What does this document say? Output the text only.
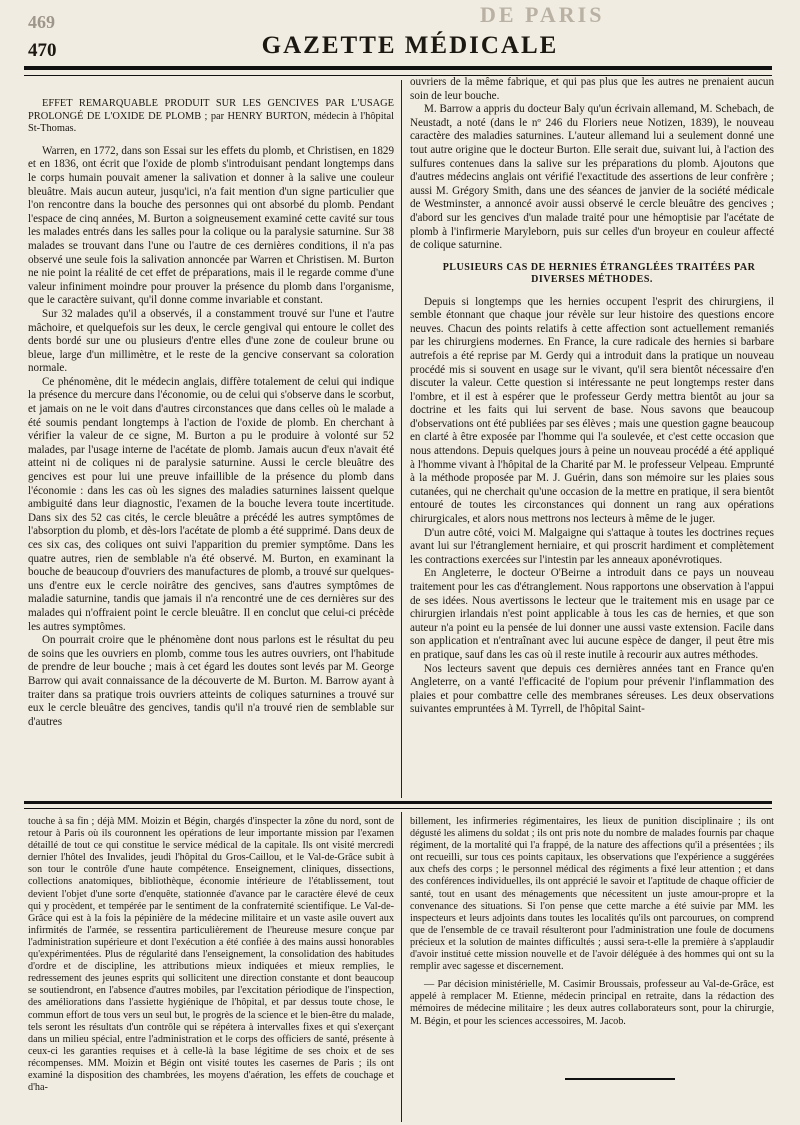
DE PARIS
469
470	GAZETTE MÉDICALE

EFFET REMARQUABLE PRODUIT SUR LES GENCIVES PAR L'USAGE PROLONGÉ DE L'OXIDE DE PLOMB ; par HENRY BURTON, médecin à l'hôpital St-Thomas.

Warren, en 1772, dans son Essai sur les effets du plomb, et Christisen, en 1829 et en 1836, ont écrit que l'oxide de plomb s'introduisant pendant longtemps dans le corps humain pouvait amener la salivation et donner à la salive une couleur bleuâtre. Mais aucun auteur, jusqu'ici, n'a fait mention d'un signe particulier que l'on rencontre dans la bouche des personnes qui ont absorbé du plomb. Pendant l'espace de cinq années, M. Burton a soigneusement examiné cette cavité sur tous les malades entrés dans les salles pour la colique ou la paralysie saturnine. Sur 38 malades se trouvant dans l'une ou l'autre de ces dernières conditions, il n'a pas observé une seule fois la salivation annoncée par Warren et Christisen. M. Burton ne nie point la réalité de cet effet de préparations, mais il le regarde comme d'une valeur infiniment moindre pour prouver la présence du plomb dans l'organisme, que le caractère suivant, qu'il donne comme invariable et constant.

Sur 32 malades qu'il a observés, il a constamment trouvé sur l'une et l'autre mâchoire, et quelquefois sur les deux, le cercle gengival qui entoure le collet des dents bordé sur une ou plusieurs d'entre elles d'une zone de couleur brune ou bleue, large d'un millimètre, et le reste de la gencive conservant sa coloration normale.

Ce phénomène, dit le médecin anglais, diffère totalement de celui qui indique la présence du mercure dans l'économie, ou de celui qui s'observe dans le scorbut, et jamais on ne le voit dans d'autres circonstances que dans celles où le malade a été soumis pendant longtemps à l'action de l'oxide de plomb. En cherchant à vérifier la valeur de ce signe, M. Burton a pu le produire à volonté sur 52 malades, par l'usage interne de l'acétate de plomb. Jamais aucun d'eux n'avait été atteint ni de coliques ni de paralysie saturnine. Aussi le cercle bleuâtre des gencives est pour lui une preuve infaillible de la présence du plomb dans l'économie : dans les cas où les signes des maladies saturnines laissent quelque ambiguité dans leur diagnostic, l'examen de la bouche levera toute incertitude. Dans six des 52 cas cités, le cercle bleuâtre a précédé les autres symptômes de l'absorption du plomb, et dès-lors l'acétate de plomb a été supprimé. Dans deux de ces six cas, des coliques ont suivi l'apparition du premier symptôme. Dans les quatre autres, rien de semblable n'a été observé. M. Burton, en examinant la bouche de beaucoup d'ouvriers des manufactures de plomb, a trouvé sur quelques-uns d'entre eux le cercle noirâtre des gencives, sans d'autres symptômes de maladie saturnine, tandis que jamais il n'a rencontré une de ces dernières sur des malades qui n'offraient point le cercle bleuâtre. Il en conclut que celui-ci précède les autres symptômes.

On pourrait croire que le phénomène dont nous parlons est le résultat du peu de soins que les ouvriers en plomb, comme tous les autres ouvriers, ont l'habitude de prendre de leur bouche ; mais à cet égard les doutes sont levés par M. George Barrow qui avait connaissance de la découverte de M. Burton. M. Barrow ayant à traiter dans sa pratique trois ouvriers atteints de coliques saturnines a trouvé sur eux le cercle bleuâtre des gencives, tandis qu'il n'a trouvé rien de semblable sur d'autres

ouvriers de la même fabrique, et qui pas plus que les autres ne prenaient aucun soin de leur bouche.

M. Barrow a appris du docteur Baly qu'un écrivain allemand, M. Schebach, de Neustadt, a noté (dans le nº 246 du Floriers neue Notizen, 1839), le nouveau caractère des maladies saturnines. L'auteur allemand lui a seulement donné une tout autre origine que le docteur Burton. Elle serait due, suivant lui, à l'action des sulfures contenues dans la salive sur les préparations du plomb. Ajoutons que d'autres médecins anglais ont vérifié l'exactitude des assertions de leur confrère ; aussi M. Grégory Smith, dans une des séances de janvier de la société médicale de Westminster, a annoncé avoir aussi observé le cercle bleuâtre des gencives ; d'abord sur les gencives d'un malade traité pour une hémoptisie par l'acétate de plomb à l'infirmerie Maryleborn, puis sur celles d'un broyeur en couleur affecté de colique saturnine.

PLUSIEURS CAS DE HERNIES ÉTRANGLÉES TRAITÉES PAR DIVERSES MÉTHODES.

Depuis si longtemps que les hernies occupent l'esprit des chirurgiens, il semble étonnant que chaque jour révèle sur leur histoire des questions encore neuves. Chacun des points relatifs à cette affection sont actuellement remaniés par les chirurgiens modernes. En France, la cure radicale des hernies si barbare autrefois a été reprise par M. Gerdy qui a introduit dans la pratique un nouveau procédé mis si souvent en usage sur le vivant, qu'il sera bientôt nécessaire d'en discuter la valeur. Cette question si intéressante ne peut longtemps rester dans l'ombre, et il est à espérer que le professeur Gerdy mettra bientôt au jour sa doctrine et les faits qui lui servent de base. Nous savons que beaucoup d'observations ont été publiées par ses élèves ; mais une question gagne beaucoup en clarté à être exposée par l'homme qui l'a soulevée, et c'est cette occasion que nous attendons. Depuis quelques jours à peine un nouveau procédé a été appliqué à l'homme vivant à l'hôpital de la Charité par M. le professeur Velpeau. Emprunté à la méthode proposée par M. J. Guérin, dans son mémoire sur les plaies sous cutanées, qui ne cherchait qu'une occasion de la mettre en pratique, il sera bientôt entouré de toutes les circonstances qui donnent un rang aux opérations chirurgicales, et alors nous mettrons nos lecteurs à même de le juger.

D'un autre côté, voici M. Malgaigne qui s'attaque à toutes les doctrines reçues avant lui sur l'étranglement herniaire, et qui proscrit hardiment et complètement les contractions exercées sur l'intestin par les anneaux aponévrotiques.

En Angleterre, le docteur O'Beirne a introduit dans ce pays un nouveau traitement pour les cas d'étranglement. Nous rapportons une observation à l'appui de ses idées. Nous avertissons le lecteur que le traitement mis en usage par ce chirurgien irlandais n'est point applicable à tous les cas de hernies, et que son auteur n'a point eu la pensée de lui donner une aussi vaste extension. Facile dans son application et n'entraînant avec lui aucune espèce de danger, il peut être mis en pratique, sauf dans les cas où il reste inutile à recourir aux autres méthodes.

Nos lecteurs savent que depuis ces dernières années tant en France qu'en Angleterre, on a vanté l'efficacité de l'opium pour prévenir l'inflammation des plaies et pour combattre celle des membranes séreuses. Les deux observations suivantes empruntées à M. Tyrrell, de l'hôpital Saint-

touche à sa fin ; déjà MM. Moizin et Bégin, chargés d'inspecter la zône du nord, sont de retour à Paris où ils couronnent les opérations de leur importante mission par l'examen détaillé de tout ce qui constitue le service médical de la capitale. Ils ont visité mercredi dernier l'hôtel des Invalides, jeudi l'hôpital du Gros-Caillou, et le Val-de-Grâce subit à son tour le contrôle d'une haute compétence. Enseignement, cliniques, dissections, collections anatomiques, bibliothèque, économie intérieure de l'établissement, tout devient l'objet d'une sorte d'enquête, stationnée d'avance par le caractère élevé de ceux qui y procèdent, et tempérée par le sentiment de la confraternité scientifique. Le Val-de-Grâce qui est à la fois la pépinière de la médecine militaire et un vaste asile ouvert aux infirmités de l'armée, se ressentira particulièrement de l'heureuse mesure conçue par l'administration supérieure et dont l'exécution a été confiée à des mains aussi honorables qu'expérimentées. Plus de régularité dans l'enseignement, la consolidation des habitudes d'ordre et de discipline, les attributions mieux indiquées et mieux remplies, le redressement des jeunes esprits qui sollicitent une direction constante et dont beaucoup se soutiendront, en l'absence d'autres mobiles, par l'excitation périodique de l'inspection, des améliorations dans l'assiette hygiénique de l'hôpital, et par dessus toute chose, le commun effort de tous vers un seul but, le progrès de la science et le bien-être du malade, tels seront les résultats d'un contrôle qui se répétera à intervalles fixes et qui s'exerçant dans un milieu spécial, entre l'administration et le corps des officiers de santé, présente à ceux-ci les garanties requises et à celle-là la base légitime de ses choix et de ses récompenses. MM. Moizin et Bégin ont visité toutes les casernes de Paris ; ils ont examiné la disposition des chambrées, les moyens d'aération, les effets de couchage et d'ha-

billement, les infirmeries régimentaires, les lieux de punition disciplinaire ; ils ont dégusté les alimens du soldat ; ils ont pris note du nombre de malades fournis par chaque régiment, de la mortalité qui l'a frappé, de la nature des affections qu'il a présentées ; ils ont recueilli, sur tous ces points capitaux, les observations que l'expérience a suggérées aux chefs des corps ; le personnel médical des régiments a fixé leur attention ; et dans des conférences individuelles, ils ont apprécié le savoir et l'aptitude de chaque officier de santé, tout en usant des ménagements que nécessitent un juste amour-propre et la convenance des situations. Si l'on pense que cette marche a été suivie par MM. les inspecteurs et leurs adjoints dans toutes les localités qu'ils ont parcourues, on comprend que de l'ensemble de ce travail résulteront pour l'administration une foule de documens précieux et la solution de maintes difficultés ; aussi sera-t-elle la première à s'applaudir d'avoir institué cette mission nouvelle et de l'avoir déléguée à des hommes qui ont su la remplir avec sagesse et discernement.

— Par décision ministérielle, M. Casimir Broussais, professeur au Val-de-Grâce, est appelé à remplacer M. Etienne, médecin principal en retraite, dans la rédaction des mémoires de médecine militaire ; les deux autres collaborateurs sont, pour la chirurgie, M. Bégin, et pour les sciences accessoires, M. Jacob.
